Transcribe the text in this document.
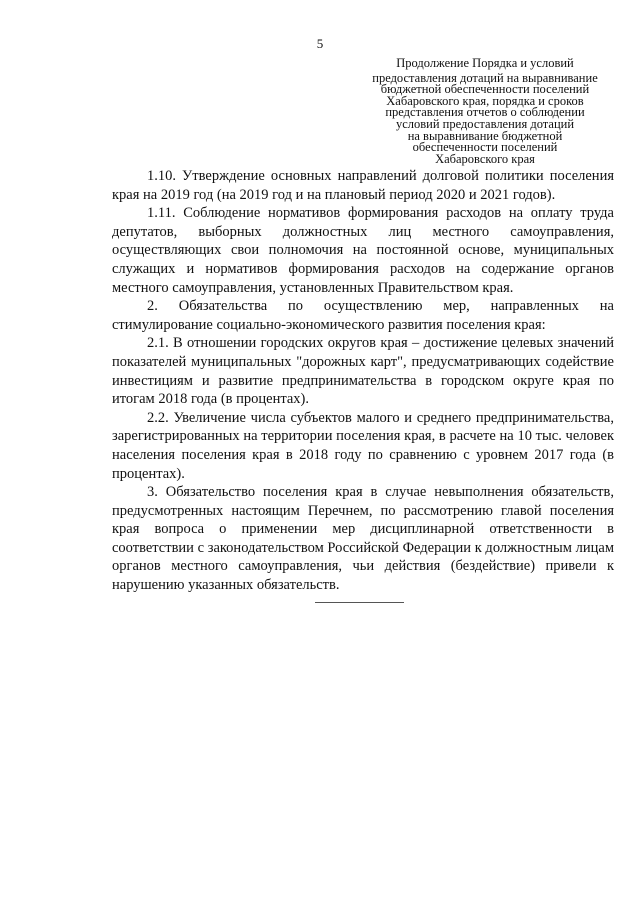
5
Продолжение Порядка и условий
предоставления дотаций на выравнивание
бюджетной обеспеченности поселений
Хабаровского края, порядка и сроков
представления отчетов о соблюдении
условий предоставления дотаций
на выравнивание бюджетной
обеспеченности поселений
Хабаровского края

1.10. Утверждение основных направлений долговой политики поселения края на 2019 год (на 2019 год и на плановый период 2020 и 2021 годов).

1.11. Соблюдение нормативов формирования расходов на оплату труда депутатов, выборных должностных лиц местного самоуправления, осуществляющих свои полномочия на постоянной основе, муниципальных служащих и нормативов формирования расходов на содержание органов местного самоуправления, установленных Правительством края.

2. Обязательства по осуществлению мер, направленных на стимулирование социально-экономического развития поселения края:

2.1. В отношении городских округов края – достижение целевых значений показателей муниципальных "дорожных карт", предусматривающих содействие инвестициям и развитие предпринимательства в городском округе края по итогам 2018 года (в процентах).

2.2. Увеличение числа субъектов малого и среднего предпринимательства, зарегистрированных на территории поселения края, в расчете на 10 тыс. человек населения поселения края в 2018 году по сравнению с уровнем 2017 года (в процентах).

3. Обязательство поселения края в случае невыполнения обязательств, предусмотренных настоящим Перечнем, по рассмотрению главой поселения края вопроса о применении мер дисциплинарной ответственности в соответствии с законодательством Российской Федерации к должностным лицам органов местного самоуправления, чьи действия (бездействие) привели к нарушению указанных обязательств.
